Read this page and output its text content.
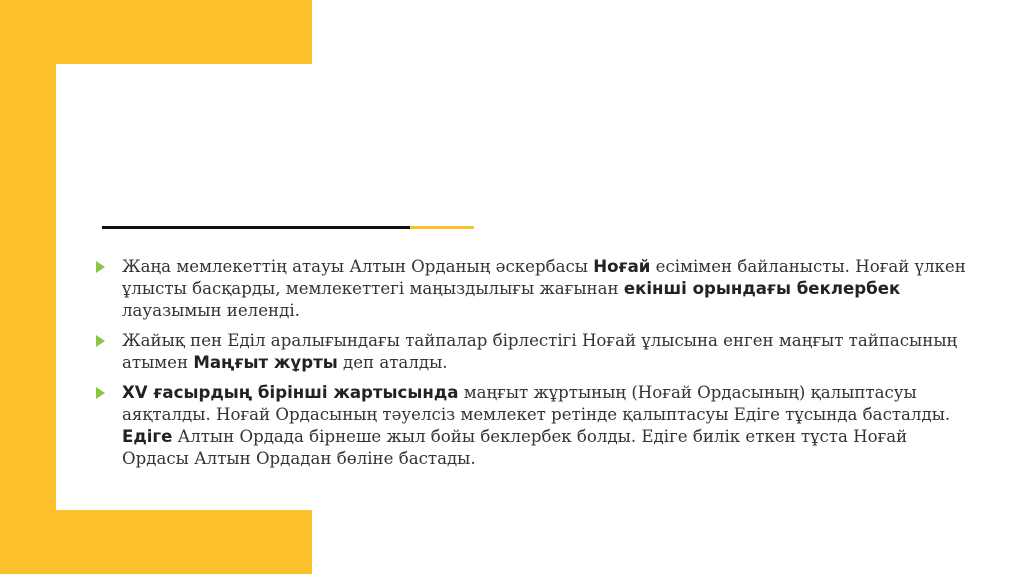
Жаңа мемлекеттің атауы Алтын Орданың әскербасы Ноғай есімімен байланысты. Ноғай үлкен ұлысты басқарды, мемлекеттегі маңыздылығы жағынан екінші орындағы беклербек лауазымын иеленді.
Жайық пен Еділ аралығындағы тайпалар бірлестігі Ноғай ұлысына енген маңғыт тайпасының атымен Маңғыт жұрты деп аталды.
XV ғасырдың бірінші жартысында маңғыт жұртының (Ноғай Ордасының) қалыптасуы аяқталды. Ноғай Ордасының тәуелсіз мемлекет ретінде қалыптасуы Едіге тұсында басталды. Едіге Алтын Ордада бірнеше жыл бойы беклербек болды. Едіге билік еткен тұста Ноғай Ордасы Алтын Ордадан бөліне бастады.
